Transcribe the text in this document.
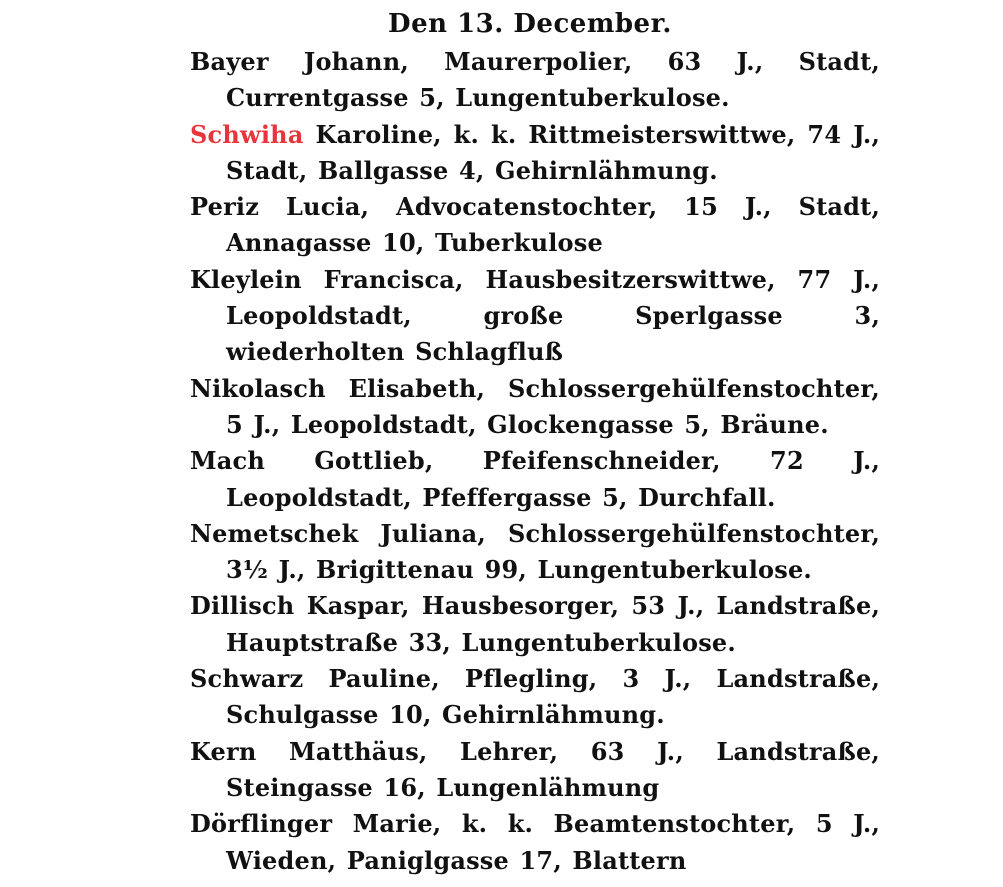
Den 13. December.
Bayer Johann, Maurerpolier, 63 J., Stadt, Currentgasse 5, Lungentuberkulose.
Schwiha Karoline, k. k. Rittmeisterswittwe, 74 J., Stadt, Ballgasse 4, Gehirnlähmung.
Periz Lucia, Advocatenstochter, 15 J., Stadt, Annagasse 10, Tuberkulose
Kleylein Francisca, Hausbesitzerswittwe, 77 J., Leopoldstadt, große Sperlgasse 3, wiederholten Schlagfluß
Nikolasch Elisabeth, Schlossergehülfenstochter, 5 J., Leopoldstadt, Glockengasse 5, Bräune.
Mach Gottlieb, Pfeifenschneider, 72 J., Leopoldstadt, Pfeffergasse 5, Durchfall.
Nemetschek Juliana, Schlossergehülfenstochter, 3½ J., Brigittenau 99, Lungentuberkulose.
Dillisch Kaspar, Hausbesorger, 53 J., Landstraße, Hauptstraße 33, Lungentuberkulose.
Schwarz Pauline, Pflegling, 3 J., Landstraße, Schulgasse 10, Gehirnlähmung.
Kern Matthäus, Lehrer, 63 J., Landstraße, Steingasse 16, Lungenlähmung
Dörflinger Marie, k. k. Beamtenstochter, 5 J., Wieden, Paniglgasse 17, Blattern
